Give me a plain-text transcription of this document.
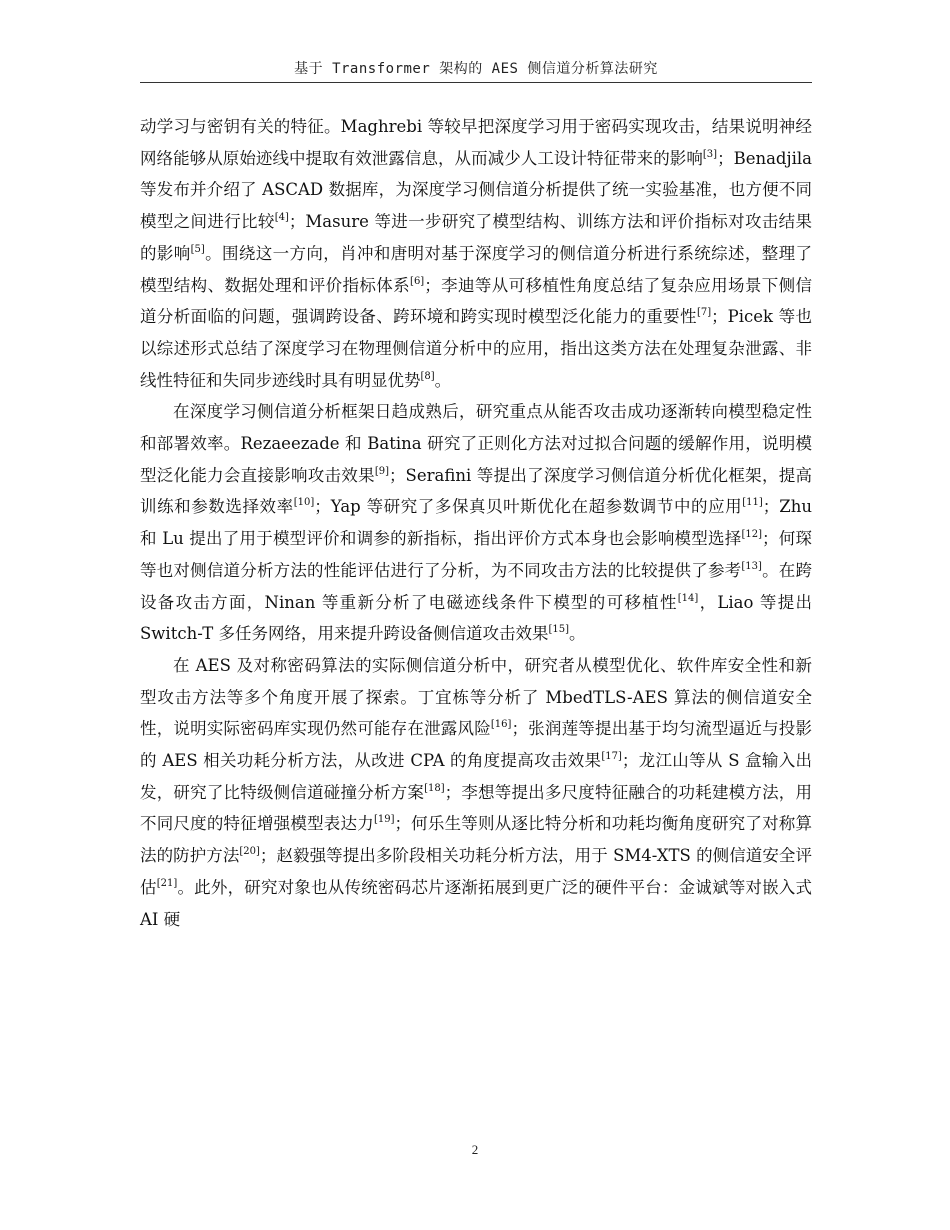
基于 Transformer 架构的 AES 侧信道分析算法研究

动学习与密钥有关的特征。Maghrebi 等较早把深度学习用于密码实现攻击，结果说明神经网络能够从原始迹线中提取有效泄露信息，从而减少人工设计特征带来的影响[3]；Benadjila 等发布并介绍了 ASCAD 数据库，为深度学习侧信道分析提供了统一实验基准，也方便不同模型之间进行比较[4]；Masure 等进一步研究了模型结构、训练方法和评价指标对攻击结果的影响[5]。围绕这一方向，肖冲和唐明对基于深度学习的侧信道分析进行系统综述，整理了模型结构、数据处理和评价指标体系[6]；李迪等从可移植性角度总结了复杂应用场景下侧信道分析面临的问题，强调跨设备、跨环境和跨实现时模型泛化能力的重要性[7]；Picek 等也以综述形式总结了深度学习在物理侧信道分析中的应用，指出这类方法在处理复杂泄露、非线性特征和失同步迹线时具有明显优势[8]。

在深度学习侧信道分析框架日趋成熟后，研究重点从能否攻击成功逐渐转向模型稳定性和部署效率。Rezaeezade 和 Batina 研究了正则化方法对过拟合问题的缓解作用，说明模型泛化能力会直接影响攻击效果[9]；Serafini 等提出了深度学习侧信道分析优化框架，提高训练和参数选择效率[10]；Yap 等研究了多保真贝叶斯优化在超参数调节中的应用[11]；Zhu 和 Lu 提出了用于模型评价和调参的新指标，指出评价方式本身也会影响模型选择[12]；何琛等也对侧信道分析方法的性能评估进行了分析，为不同攻击方法的比较提供了参考[13]。在跨设备攻击方面，Ninan 等重新分析了电磁迹线条件下模型的可移植性[14]，Liao 等提出 Switch-T 多任务网络，用来提升跨设备侧信道攻击效果[15]。

在 AES 及对称密码算法的实际侧信道分析中，研究者从模型优化、软件库安全性和新型攻击方法等多个角度开展了探索。丁宜栋等分析了 MbedTLS-AES 算法的侧信道安全性，说明实际密码库实现仍然可能存在泄露风险[16]；张润莲等提出基于均匀流型逼近与投影的 AES 相关功耗分析方法，从改进 CPA 的角度提高攻击效果[17]；龙江山等从 S 盒输入出发，研究了比特级侧信道碰撞分析方案[18]；李想等提出多尺度特征融合的功耗建模方法，用不同尺度的特征增强模型表达力[19]；何乐生等则从逐比特分析和功耗均衡角度研究了对称算法的防护方法[20]；赵毅强等提出多阶段相关功耗分析方法，用于 SM4-XTS 的侧信道安全评估[21]。此外，研究对象也从传统密码芯片逐渐拓展到更广泛的硬件平台：金诚斌等对嵌入式 AI 硬

2
